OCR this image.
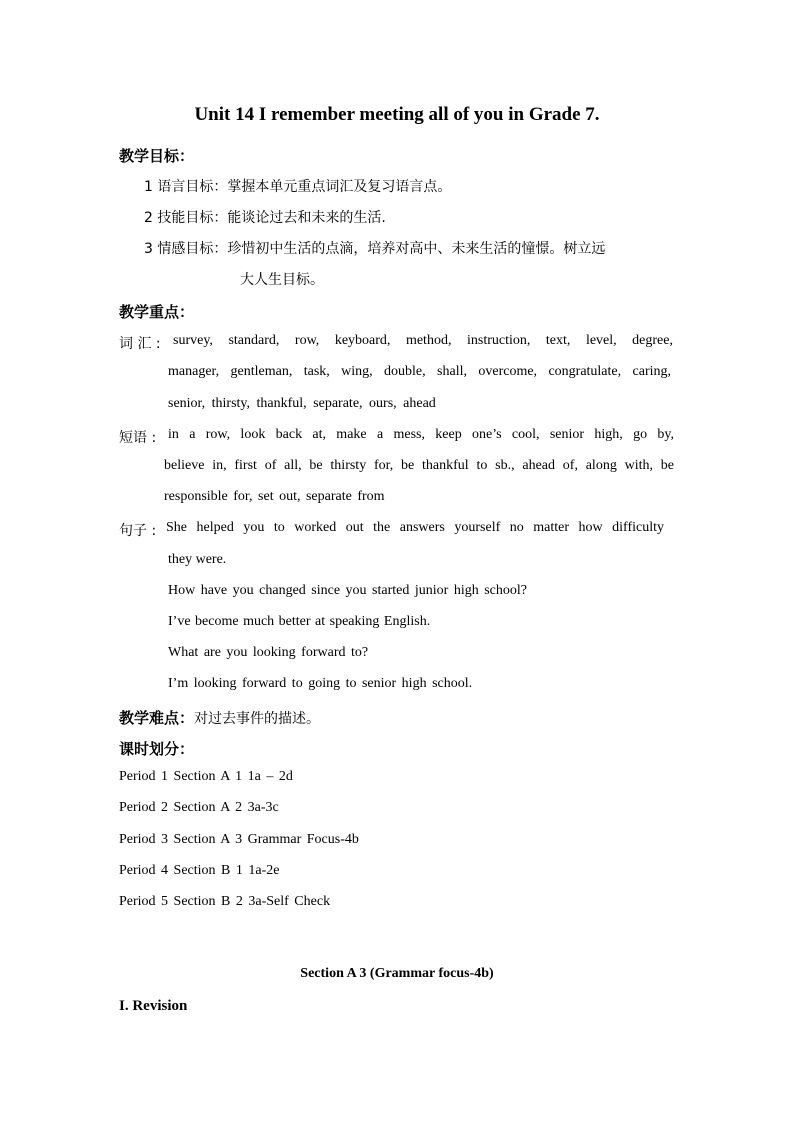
Unit 14 I remember meeting all of you in Grade 7.
教学目标：
1 语言目标：掌握本单元重点词汇及复习语言点。
2 技能目标：能谈论过去和未来的生活.
3 情感目标：珍惜初中生活的点滴，培养对高中、未来生活的憧憬。树立远
大人生目标。
教学重点：
词 汇 : survey, standard, row, keyboard, method, instruction, text, level, degree,
manager, gentleman, task, wing, double, shall, overcome, congratulate, caring,
senior, thirsty, thankful, separate, ours, ahead
短语 : in a row, look back at, make a mess, keep one’s cool, senior high, go by,
believe in, first of all, be thirsty for, be thankful to sb., ahead of, along with, be
responsible for, set out, separate from
句子 : She helped you to worked out the answers yourself no matter how difficulty
they were.
How have you changed since you started junior high school?
I’ve become much better at speaking English.
What are you looking forward to?
I’m looking forward to going to senior high school.
教学难点：对过去事件的描述。
课时划分：
Period 1 Section A 1 1a – 2d
Period 2 Section A 2 3a-3c
Period 3 Section A 3 Grammar Focus-4b
Period 4 Section B 1 1a-2e
Period 5 Section B 2 3a-Self Check
Section A 3 (Grammar focus-4b)
I. Revision
